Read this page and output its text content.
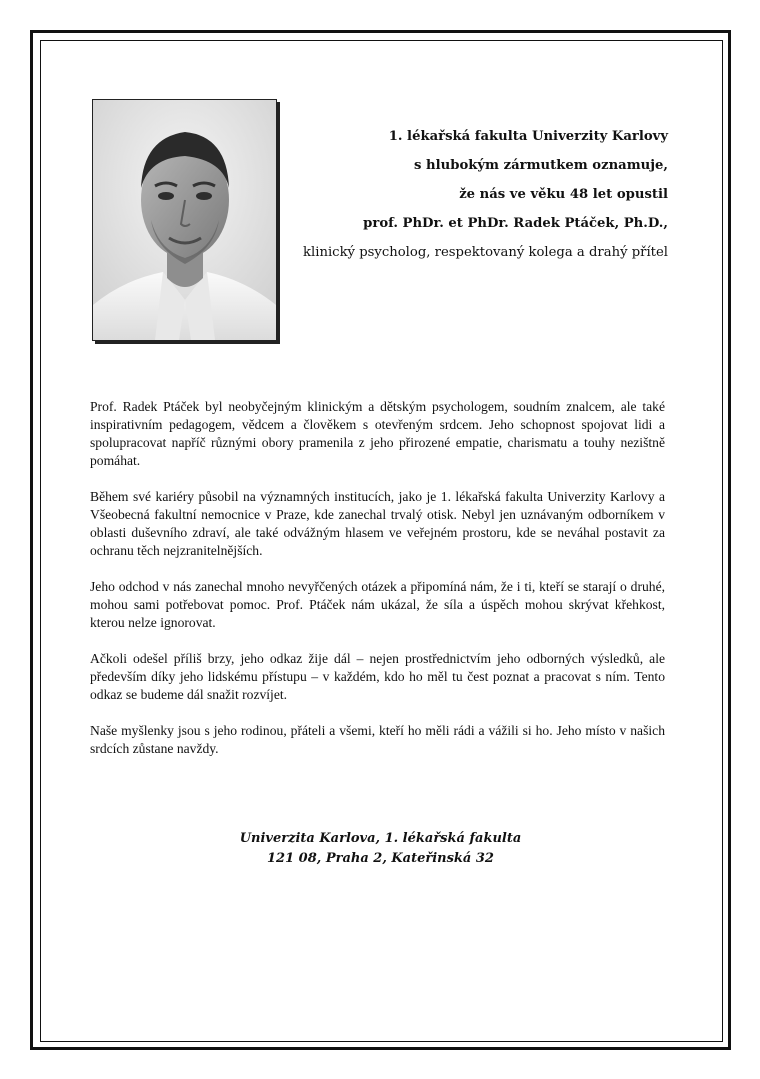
1. lékařská fakulta Univerzity Karlovy
s hlubokým zármutkem oznamuje,
že nás ve věku 48 let opustil
prof. PhDr. et PhDr. Radek Ptáček, Ph.D.,
klinický psycholog, respektovaný kolega a drahý přítel

Prof. Radek Ptáček byl neobyčejným klinickým a dětským psychologem, soudním znalcem, ale také inspirativním pedagogem, vědcem a člověkem s otevřeným srdcem. Jeho schopnost spojovat lidi a spolupracovat napříč různými obory pramenila z jeho přirozené empatie, charismatu a touhy nezištně pomáhat.

Během své kariéry působil na významných institucích, jako je 1. lékařská fakulta Univerzity Karlovy a Všeobecná fakultní nemocnice v Praze, kde zanechal trvalý otisk. Nebyl jen uznávaným odborníkem v oblasti duševního zdraví, ale také odvážným hlasem ve veřejném prostoru, kde se neváhal postavit za ochranu těch nejzranitelnějších.

Jeho odchod v nás zanechal mnoho nevyřčených otázek a připomíná nám, že i ti, kteří se starají o druhé, mohou sami potřebovat pomoc. Prof. Ptáček nám ukázal, že síla a úspěch mohou skrývat křehkost, kterou nelze ignorovat.

Ačkoli odešel příliš brzy, jeho odkaz žije dál – nejen prostřednictvím jeho odborných výsledků, ale především díky jeho lidskému přístupu – v každém, kdo ho měl tu čest poznat a pracovat s ním. Tento odkaz se budeme dál snažit rozvíjet.

Naše myšlenky jsou s jeho rodinou, přáteli a všemi, kteří ho měli rádi a vážili si ho. Jeho místo v našich srdcích zůstane navždy.

Univerzita Karlova, 1. lékařská fakulta
121 08, Praha 2, Kateřinská 32
